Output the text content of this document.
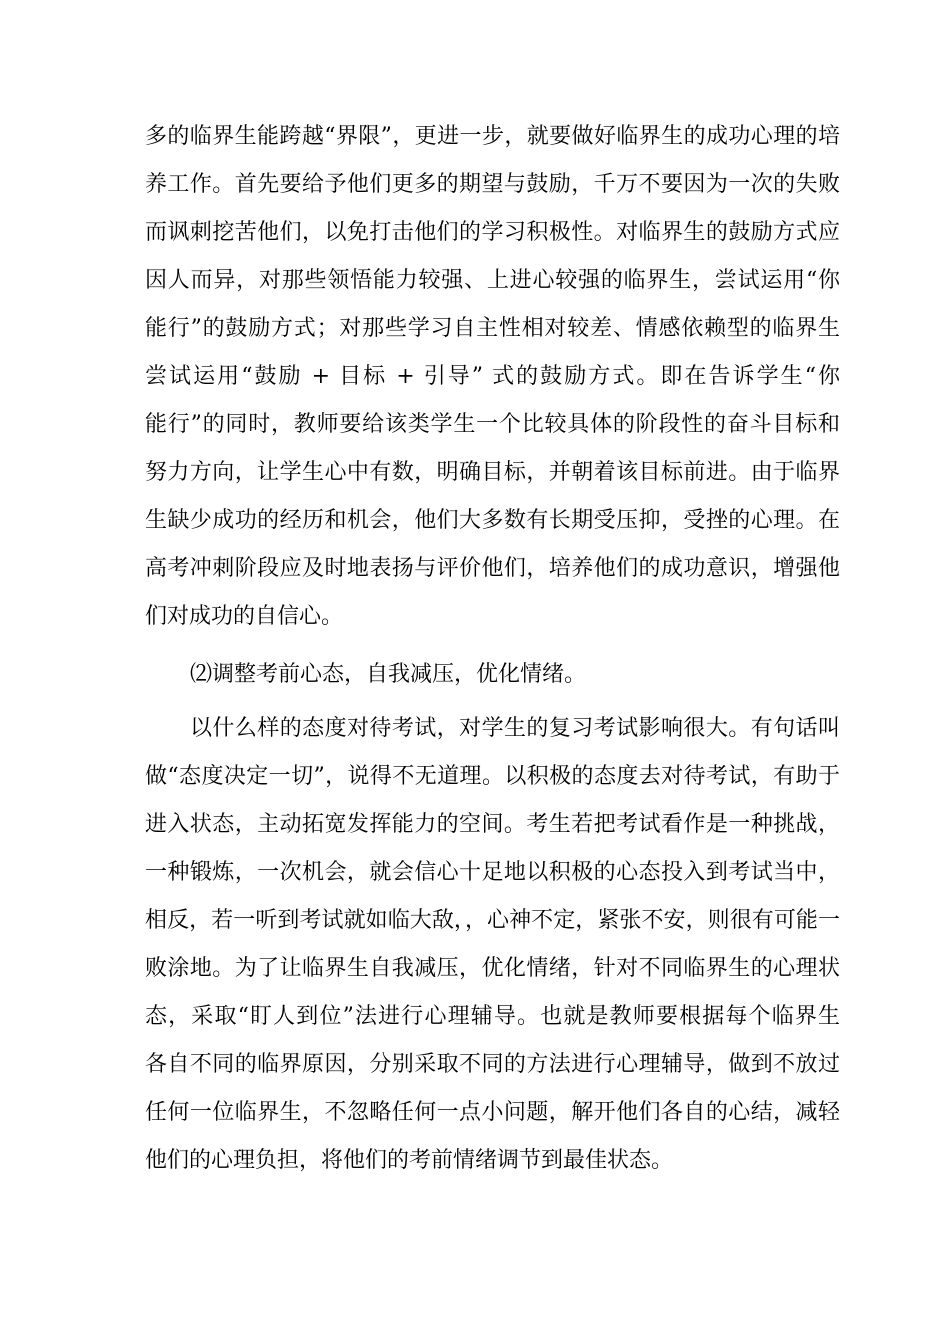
多的临界生能跨越“界限”，更进一步，就要做好临界生的成功心理的培
养工作。首先要给予他们更多的期望与鼓励，千万不要因为一次的失败
而讽刺挖苦他们，以免打击他们的学习积极性。对临界生的鼓励方式应
因人而异，对那些领悟能力较强、上进心较强的临界生，尝试运用“你
能行”的鼓励方式；对那些学习自主性相对较差、情感依赖型的临界生
尝试运用“鼓励 + 目标 + 引导” 式的鼓励方式。即在告诉学生“你
能行”的同时，教师要给该类学生一个比较具体的阶段性的奋斗目标和
努力方向，让学生心中有数，明确目标，并朝着该目标前进。由于临界
生缺少成功的经历和机会，他们大多数有长期受压抑，受挫的心理。在
高考冲刺阶段应及时地表扬与评价他们，培养他们的成功意识，增强他
们对成功的自信心。
⑵调整考前心态，自我减压，优化情绪。
以什么样的态度对待考试，对学生的复习考试影响很大。有句话叫
做“态度决定一切”，说得不无道理。以积极的态度去对待考试，有助于
进入状态，主动拓宽发挥能力的空间。考生若把考试看作是一种挑战，
一种锻炼，一次机会，就会信心十足地以积极的心态投入到考试当中，
相反，若一听到考试就如临大敌，，心神不定，紧张不安，则很有可能一
败涂地。为了让临界生自我减压，优化情绪，针对不同临界生的心理状
态，采取“盯人到位”法进行心理辅导。也就是教师要根据每个临界生
各自不同的临界原因，分别采取不同的方法进行心理辅导，做到不放过
任何一位临界生，不忽略任何一点小问题，解开他们各自的心结，减轻
他们的心理负担，将他们的考前情绪调节到最佳状态。
